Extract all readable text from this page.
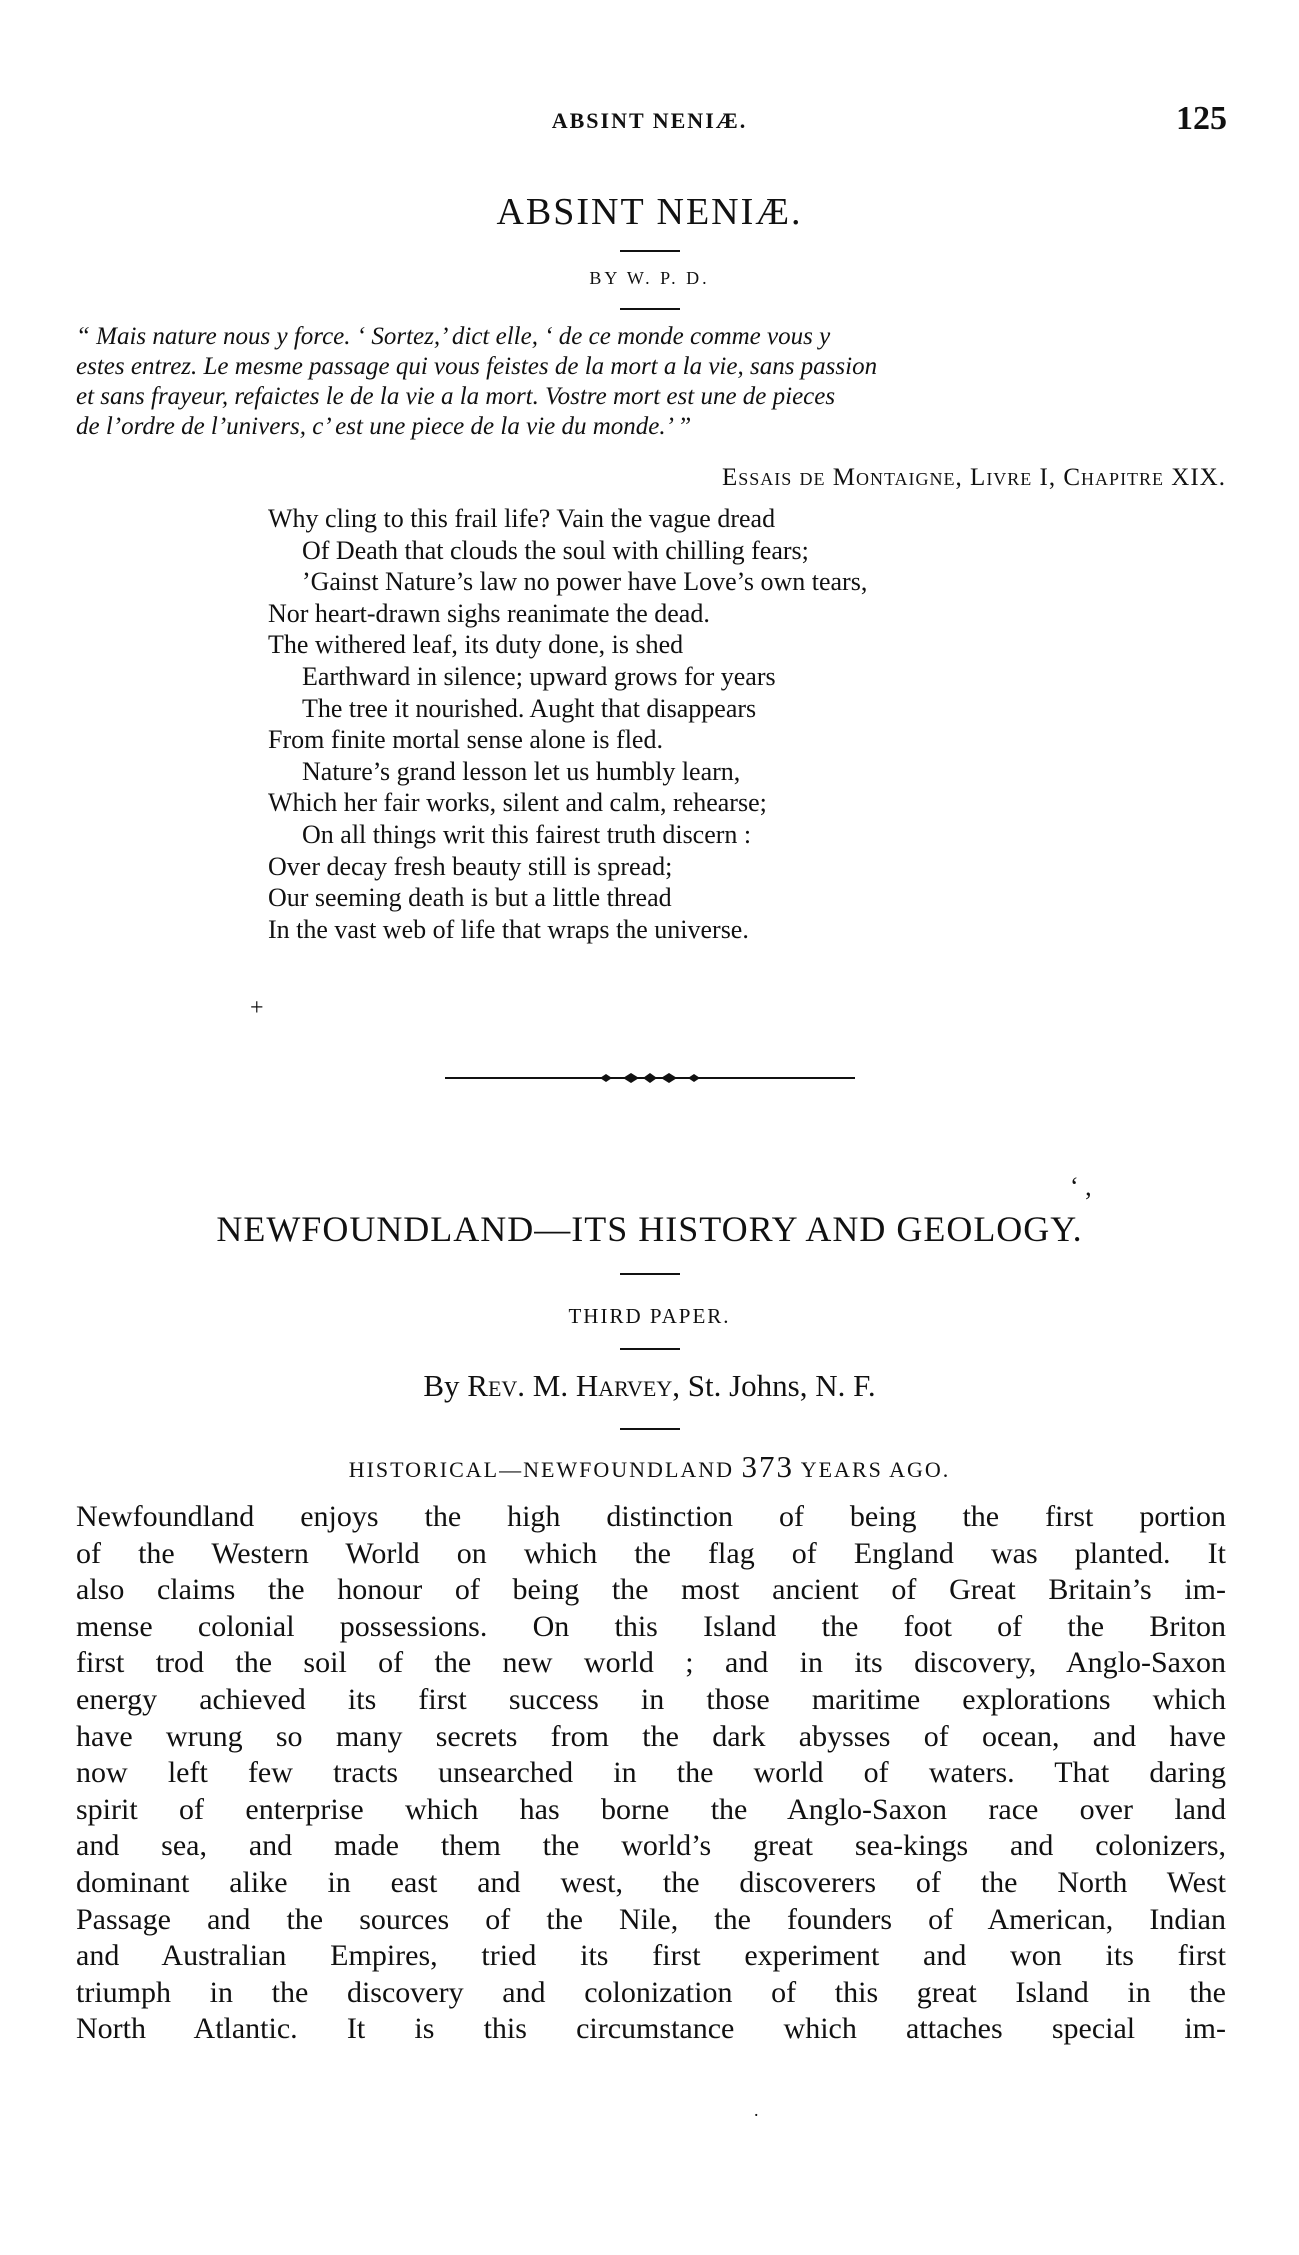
ABSINT NENIÆ.	125
ABSINT NENIÆ.
BY W. P. D.
“ Mais nature nous y force. ‘ Sortez,’ dict elle, ‘ de ce monde comme vous y
estes entrez. Le mesme passage qui vous feistes de la mort a la vie, sans passion
et sans frayeur, refaictes le de la vie a la mort. Vostre mort est une de pieces
de l’ordre de l’univers, c’ est une piece de la vie du monde.’ ”
Essais de Montaigne, Livre I, Chapitre XIX.
Why cling to this frail life? Vain the vague dread
Of Death that clouds the soul with chilling fears;
’Gainst Nature’s law no power have Love’s own tears,
Nor heart-drawn sighs reanimate the dead.
The withered leaf, its duty done, is shed
Earthward in silence; upward grows for years
The tree it nourished. Aught that disappears
From finite mortal sense alone is fled.
Nature’s grand lesson let us humbly learn,
Which her fair works, silent and calm, rehearse;
On all things writ this fairest truth discern :
Over decay fresh beauty still is spread;
Our seeming death is but a little thread
In the vast web of life that wraps the universe.
+
‘ ,
NEWFOUNDLAND—ITS HISTORY AND GEOLOGY.
THIRD PAPER.
By Rev. M. Harvey, St. Johns, N. F.
HISTORICAL—NEWFOUNDLAND 373 YEARS AGO.
Newfoundland enjoys the high distinction of being the first portion
of the Western World on which the flag of England was planted. It
also claims the honour of being the most ancient of Great Britain’s im-
mense colonial possessions. On this Island the foot of the Briton
first trod the soil of the new world ; and in its discovery, Anglo-Saxon
energy achieved its first success in those maritime explorations which
have wrung so many secrets from the dark abysses of ocean, and have
now left few tracts unsearched in the world of waters. That daring
spirit of enterprise which has borne the Anglo-Saxon race over land
and sea, and made them the world’s great sea-kings and colonizers,
dominant alike in east and west, the discoverers of the North West
Passage and the sources of the Nile, the founders of American, Indian
and Australian Empires, tried its first experiment and won its first
triumph in the discovery and colonization of this great Island in the
North Atlantic. It is this circumstance which attaches special im-
.
